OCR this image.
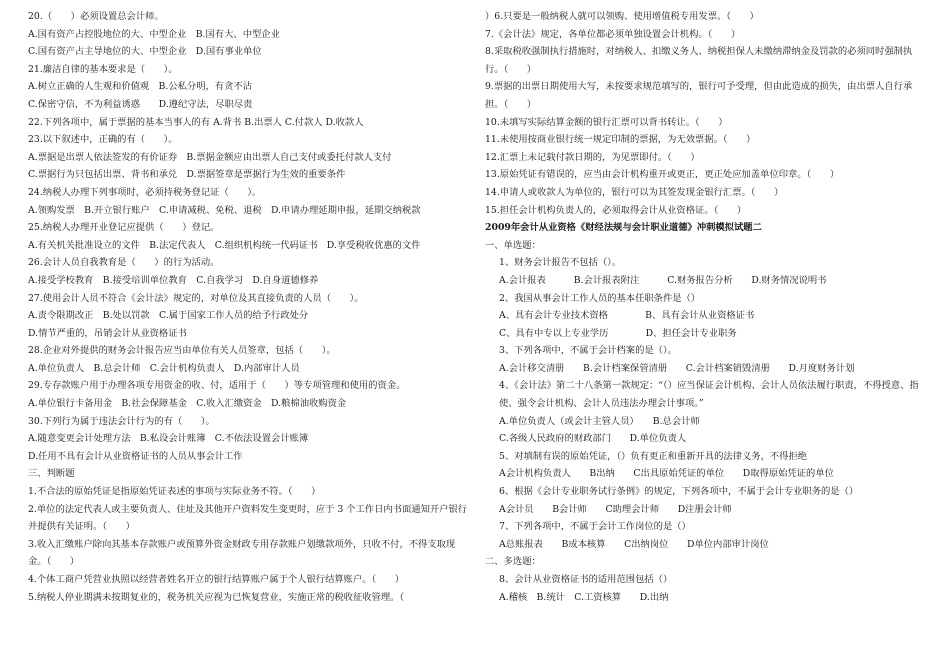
20.（　　）必须设置总会计师。
A.国有资产占控股地位的大、中型企业　B.国有大、中型企业
C.国有资产占主导地位的大、中型企业　D.国有事业单位
21.廉洁自律的基本要求是（　　）。
A.树立正确的人生观和价值观　B.公私分明，有贪不沾
C.保密守信，不为利益诱惑　　D.遵纪守法，尽职尽责
22.下列各项中，属于票据的基本当事人的有 A.背书 B.出票人 C.付款人 D.收款人
23.以下叙述中，正确的有（　　）。
A.票据是出票人依法签发的有价证券　B.票据金额应由出票人自己支付或委托付款人支付
C.票据行为只包括出票、背书和承兑　D.票据签章是票据行为生效的重要条件
24.纳税人办理下列事项时，必须持税务登记证（　　）。
A.领购发票　B.开立银行账户　C.申请减税、免税、退税　D.申请办理延期申报，延期交纳税款
25.纳税人办理开业登记应提供（　　）登记。
A.有关机关批准设立的文件　B.法定代表人　C.组织机构统一代码证书　D.享受税收优惠的文件
26.会计人员自我教育是（　　）的行为活动。
A.接受学校教育　B.接受培训单位教育　C.自我学习　D.自身道德修养
27.使用会计人员不符合《会计法》规定的，对单位及其直接负责的人员（　　）。
A.责令限期改正　B.处以罚款　C.属于国家工作人员的给予行政处分
D.情节严重的，吊销会计从业资格证书
28.企业对外提供的财务会计报告应当由单位有关人员签章，包括（　　）。
A.单位负责人　B.总会计师　C.会计机构负责人　D.内部审计人员
29.专存款账户用于办理各项专用资金的收、付，适用于（　　）等专项管理和使用的资金。
A.单位银行卡备用金　B.社会保障基金　C.收入汇缴资金　D.粮棉油收购资金
30.下列行为属于违法会计行为的有（　　）。
A.随意变更会计处理方法　B.私设会计账簿　C.不依法设置会计账簿
D.任用不具有会计从业资格证书的人员从事会计工作
三、判断题
1.不合法的原始凭证是指原始凭证表述的事项与实际业务不符。（　　）
2.单位的法定代表人或主要负责人、住址及其他开户资料发生变更时，应于 3 个工作日内书面通知开户银行并提供有关证明。（　　）
3.收入汇缴账户除向其基本存款账户或预算外资金财政专用存款账户划缴款项外，只收不付，不得支取现金。（　　）
4.个体工商户凭营业执照以经营者姓名开立的银行结算账户属于个人银行结算账户。（　　）
5.纳税人停业期满未按期复业的，税务机关应视为已恢复营业，实施正常的税收征收管理。（
）6.只要是一般纳税人就可以领购、使用增值税专用发票。（　　）
7.《会计法》规定，各单位都必须单独设置会计机构。（　　）
8.采取税收强制执行措施时，对纳税人、扣缴义务人、纳税担保人未缴纳滞纳金及罚款的必须同时强制执行。（　　）
9.票据的出票日期使用大写，未按要求规范填写的，银行可予受理，但由此造成的损失，由出票人自行承担。（　　）
10.未填写实际结算金额的银行汇票可以背书转让。（　　）
11.未使用按商业银行统一规定印制的票据，为无效票据。（　　）
12.汇票上未记载付款日期的，为见票即付。（　　）
13.原始凭证有错误的，应当由会计机构重开或更正，更正处应加盖单位印章。（　　）
14.申请人或收款人为单位的，银行可以为其签发现金银行汇票。（　　）
15.担任会计机构负责人的，必须取得会计从业资格证。（　　）
2009年会计从业资格《财经法规与会计职业道德》冲刺模拟试题二
一、单选题：
1、财务会计报告不包括（）。
A.会计报表　　　B.会计报表附注　　　C.财务报告分析　　D.财务情况说明书
2、我国从事会计工作人员的基本任职条件是（）
A、具有会计专业技术资格　　　　B、具有会计从业资格证书
C、具有中专以上专业学历　　　　D、担任会计专业职务
3、下列各项中，不属于会计档案的是（）。
A.会计移交清册　　B.会计档案保管清册　　C.会计档案销毁清册　　D.月度财务计划
4、《会计法》第二十八条第一款规定：“（）应当保证会计机构、会计人员依法履行职责，不得授意、指使、强令会计机构、会计人员违法办理会计事项。”
A.单位负责人（或会计主管人员）　　B.总会计师
C.各级人民政府的财政部门　　D.单位负责人
5、对填制有误的原始凭证，（）负有更正和重新开具的法律义务，不得拒绝
A会计机构负责人　　B出纳　　C出具原始凭证的单位　　D取得原始凭证的单位
6、根据《会计专业职务试行条例》的规定，下列各项中，不属于会计专业职务的是（）
A会计员　　B会计师　　C助理会计师　　D注册会计师
7、下列各项中，不属于会计工作岗位的是（）
A总账报表　　B成本核算　　C出纳岗位　　D单位内部审计岗位
二、多选题：
8、会计从业资格证书的适用范围包括（）
A.稽核　B.统计　C.工资核算　　D.出纳
